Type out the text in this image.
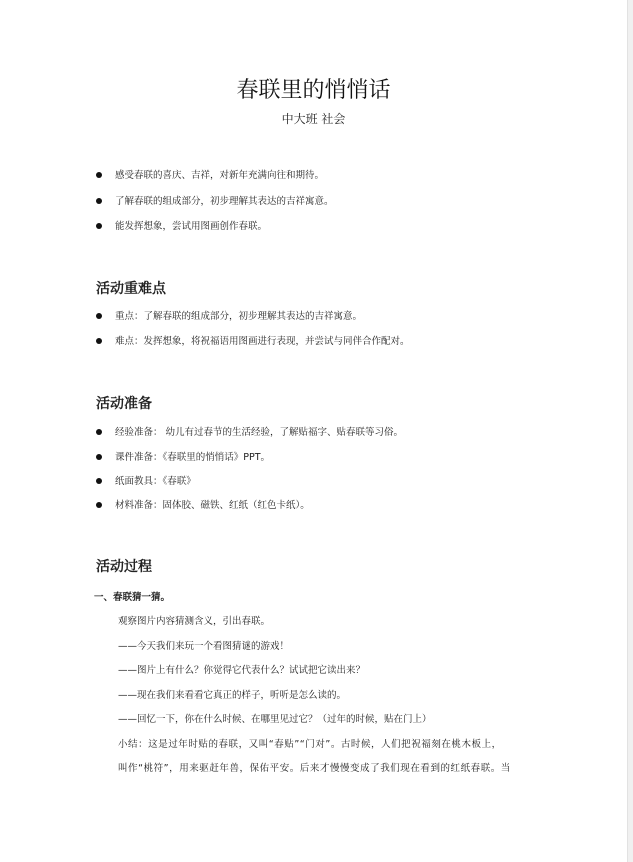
春联里的悄悄话
中大班 社会
感受春联的喜庆、吉祥，对新年充满向往和期待。
了解春联的组成部分，初步理解其表达的吉祥寓意。
能发挥想象，尝试用图画创作春联。
活动重难点
重点：了解春联的组成部分，初步理解其表达的吉祥寓意。
难点：发挥想象，将祝福语用图画进行表现，并尝试与同伴合作配对。
活动准备
经验准备： 幼儿有过春节的生活经验，了解贴福字、贴春联等习俗。
课件准备：《春联里的悄悄话》PPT。
纸面教具：《春联》
材料准备：固体胶、磁铁、红纸（红色卡纸）。
活动过程
一、春联猜一猜。
观察图片内容猜测含义，引出春联。
——今天我们来玩一个看图猜谜的游戏！
——图片上有什么？你觉得它代表什么？试试把它读出来？
——现在我们来看看它真正的样子，听听是怎么读的。
——回忆一下，你在什么时候、在哪里见过它？（过年的时候，贴在门上）
小结：这是过年时贴的春联，又叫“春贴”“门对”。古时候，人们把祝福刻在桃木板上，
叫作“桃符”，用来驱赶年兽，保佑平安。后来才慢慢变成了我们现在看到的红纸春联。当
